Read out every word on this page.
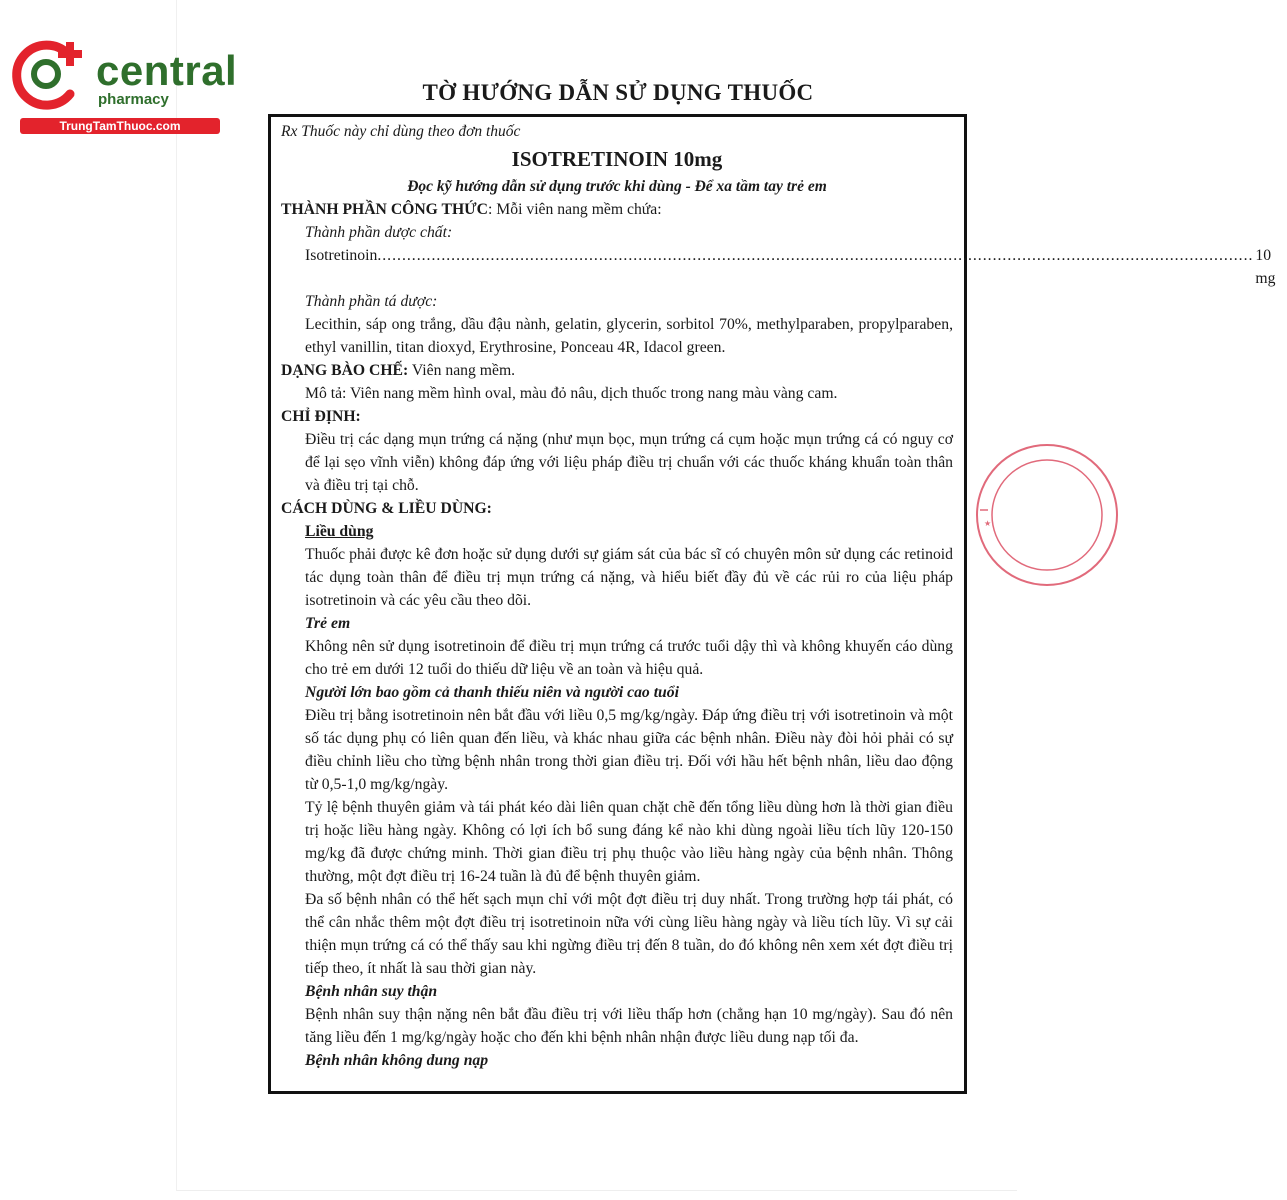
central
pharmacy
TrungTamThuoc.com
TỜ HƯỚNG DẪN SỬ DỤNG THUỐC
Rx Thuốc này chỉ dùng theo đơn thuốc
ISOTRETINOIN 10mg
Đọc kỹ hướng dẫn sử dụng trước khi dùng - Để xa tầm tay trẻ em
THÀNH PHẦN CÔNG THỨC: Mỗi viên nang mềm chứa:
Thành phần dược chất:
Isotretinoin .................................................................................................................................................................................. 10 mg
Thành phần tá dược:
Lecithin, sáp ong trắng, dầu đậu nành, gelatin, glycerin, sorbitol 70%, methylparaben, propylparaben, ethyl vanillin, titan dioxyd, Erythrosine, Ponceau 4R, Idacol green.
DẠNG BÀO CHẾ: Viên nang mềm.
Mô tả: Viên nang mềm hình oval, màu đỏ nâu, dịch thuốc trong nang màu vàng cam.
CHỈ ĐỊNH:
Điều trị các dạng mụn trứng cá nặng (như mụn bọc, mụn trứng cá cụm hoặc mụn trứng cá có nguy cơ để lại sẹo vĩnh viễn) không đáp ứng với liệu pháp điều trị chuẩn với các thuốc kháng khuẩn toàn thân và điều trị tại chỗ.
CÁCH DÙNG & LIỀU DÙNG:
Liều dùng
Thuốc phải được kê đơn hoặc sử dụng dưới sự giám sát của bác sĩ có chuyên môn sử dụng các retinoid tác dụng toàn thân để điều trị mụn trứng cá nặng, và hiểu biết đầy đủ về các rủi ro của liệu pháp isotretinoin và các yêu cầu theo dõi.
Trẻ em
Không nên sử dụng isotretinoin để điều trị mụn trứng cá trước tuổi dậy thì và không khuyến cáo dùng cho trẻ em dưới 12 tuổi do thiếu dữ liệu về an toàn và hiệu quả.
Người lớn bao gồm cả thanh thiếu niên và người cao tuổi
Điều trị bằng isotretinoin nên bắt đầu với liều 0,5 mg/kg/ngày. Đáp ứng điều trị với isotretinoin và một số tác dụng phụ có liên quan đến liều, và khác nhau giữa các bệnh nhân. Điều này đòi hỏi phải có sự điều chỉnh liều cho từng bệnh nhân trong thời gian điều trị. Đối với hầu hết bệnh nhân, liều dao động từ 0,5-1,0 mg/kg/ngày.
Tỷ lệ bệnh thuyên giảm và tái phát kéo dài liên quan chặt chẽ đến tổng liều dùng hơn là thời gian điều trị hoặc liều hàng ngày. Không có lợi ích bổ sung đáng kể nào khi dùng ngoài liều tích lũy 120-150 mg/kg đã được chứng minh. Thời gian điều trị phụ thuộc vào liều hàng ngày của bệnh nhân. Thông thường, một đợt điều trị 16-24 tuần là đủ để bệnh thuyên giảm.
Đa số bệnh nhân có thể hết sạch mụn chỉ với một đợt điều trị duy nhất. Trong trường hợp tái phát, có thể cân nhắc thêm một đợt điều trị isotretinoin nữa với cùng liều hàng ngày và liều tích lũy. Vì sự cải thiện mụn trứng cá có thể thấy sau khi ngừng điều trị đến 8 tuần, do đó không nên xem xét đợt điều trị tiếp theo, ít nhất là sau thời gian này.
Bệnh nhân suy thận
Bệnh nhân suy thận nặng nên bắt đầu điều trị với liều thấp hơn (chẳng hạn 10 mg/ngày). Sau đó nên tăng liều đến 1 mg/kg/ngày hoặc cho đến khi bệnh nhân nhận được liều dung nạp tối đa.
Bệnh nhân không dung nạp
★
